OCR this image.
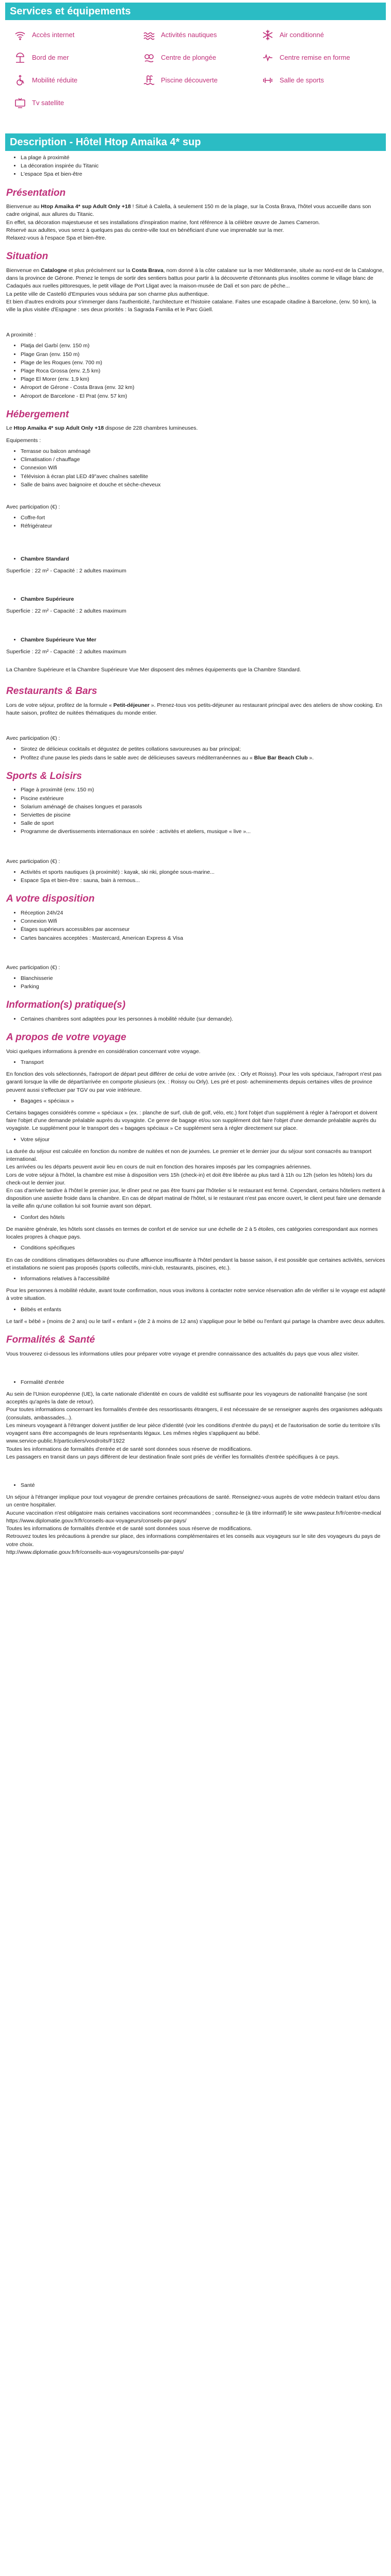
Services et équipements
Accès internet	Activités nautiques	Air conditionné
Bord de mer	Centre de plongée	Centre remise en forme
Mobilité réduite	Piscine découverte	Salle de sports
Tv satellite
Description - Hôtel Htop Amaika 4* sup
• La plage à proximité
• La décoration inspirée du Titanic
• L'espace Spa et bien-être
Présentation

Bienvenue au Htop Amaika 4* sup Adult Only +18 ! Situé à Calella, à seulement 150 m de la plage, sur la Costa Brava, l'hôtel vous accueille dans son cadre original, aux allures du Titanic.

En effet, sa décoration majestueuse et ses installations d'inspiration marine, font référence à la célèbre œuvre de James Cameron.

Réservé aux adultes, vous serez à quelques pas du centre-ville tout en bénéficiant d'une vue imprenable sur la mer.

Relaxez-vous à l'espace Spa et bien-être.

Situation

Bienvenue en Catalogne et plus précisément sur la Costa Brava, nom donné à la côte catalane sur la mer Méditerranée, située au nord-est de la Catalogne, dans la province de Gérone. Prenez le temps de sortir des sentiers battus pour partir à la découverte d'étonnants plus insolites comme le village blanc de Cadaqués aux ruelles pittoresques, le petit village de Port Lligat avec la maison-musée de Dalí et son parc de pêche...

La petite ville de Castelló d'Empuries vous séduira par son charme plus authentique.

Et bien d'autres endroits pour s'immerger dans l'authenticité, l'architecture et l'histoire catalane. Faites une escapade citadine à Barcelone, (env. 50 km), la ville la plus visitée d'Espagne : ses deux priorités : la Sagrada Familia et le Parc Güell.

A proximité :

• Platja del Garbí (env. 150 m)
• Plage Gran (env. 150 m)
• Plage de les Roques (env. 700 m)
• Plage Roca Grossa (env. 2,5 km)
• Plage El Morer (env. 1,9 km)
• Aéroport de Gérone - Costa Brava (env. 32 km)
• Aéroport de Barcelone - El Prat (env. 57 km)
Hébergement

Le Htop Amaika 4* sup Adult Only +18 dispose de 228 chambres lumineuses.

Equipements :

• Terrasse ou balcon aménagé
• Climatisation / chauffage
• Connexion Wifi
• Télévision à écran plat LED 49"avec chaînes satellite
• Salle de bains avec baignoire et douche et sèche-cheveux

Avec participation (€) :

• Coffre-fort
• Réfrigérateur
• Chambre Standard

Superficie : 22 m² - Capacité : 2 adultes maximum

• Chambre Supérieure

Superficie : 22 m² - Capacité : 2 adultes maximum

• Chambre Supérieure Vue Mer

Superficie : 22 m² - Capacité : 2 adultes maximum

La Chambre Supérieure et la Chambre Supérieure Vue Mer disposent des mêmes équipements que la Chambre Standard.

Restaurants & Bars

Lors de votre séjour, profitez de la formule « Petit-déjeuner ». Prenez-tous vos petits-déjeuner au restaurant principal avec des ateliers de show cooking. En haute saison, profitez de nuitées thématiques du monde entier.

Avec participation (€) :

• Sirotez de délicieux cocktails et dégustez de petites collations savoureuses au bar principal;
• Profitez d'une pause les pieds dans le sable avec de délicieuses saveurs méditerranéennes au « Blue Bar Beach Club ».
Sports & Loisirs
• Plage à proximité (env. 150 m)
• Piscine extérieure
• Solarium aménagé de chaises longues et parasols
• Serviettes de piscine
• Salle de sport
• Programme de divertissements internationaux en soirée : activités et ateliers, musique « live »...

Avec participation (€) :

• Activités et sports nautiques (à proximité) : kayak, ski nki, plongée sous-marine...
• Espace Spa et bien-être : sauna, bain à remous...
A votre disposition
• Réception 24h/24
• Connexion Wifi
• Étages supérieurs accessibles par ascenseur
• Cartes bancaires acceptées : Mastercard, American Express & Visa

Avec participation (€) :

• Blanchisserie
• Parking
Information(s) pratique(s)
• Certaines chambres sont adaptées pour les personnes à mobilité réduite (sur demande).
A propos de votre voyage

Voici quelques informations à prendre en considération concernant votre voyage.

• Transport

En fonction des vols sélectionnés, l'aéroport de départ peut différer de celui de votre arrivée (ex. : Orly et Roissy). Pour les vols spéciaux, l'aéroport n'est pas garanti lorsque la ville de départ/arrivée en comporte plusieurs (ex. : Roissy ou Orly). Les pré et post- acheminements depuis certaines villes de province peuvent aussi s'effectuer par TGV ou par voie intérieure.

• Bagages « spéciaux »

Certains bagages considérés comme « spéciaux » (ex. : planche de surf, club de golf, vélo, etc.) font l'objet d'un supplément à régler à l'aéroport et doivent faire l'objet d'une demande préalable auprès du voyagiste. Ce genre de bagage et/ou son supplément doit faire l'objet d'une demande préalable auprès du voyagiste. Le supplément pour le transport des « bagages spéciaux » Ce supplément sera à régler directement sur place.

• Votre séjour

La durée du séjour est calculée en fonction du nombre de nuitées et non de journées. Le premier et le dernier jour du séjour sont consacrés au transport international.
Les arrivées ou les départs peuvent avoir lieu en cours de nuit en fonction des horaires imposés par les compagnies aériennes.
Lors de votre séjour à l'hôtel, la chambre est mise à disposition vers 15h (check-in) et doit être libérée au plus tard à 11h ou 12h (selon les hôtels) lors du check-out le dernier jour.
En cas d'arrivée tardive à l'hôtel le premier jour, le dîner peut ne pas être fourni par l'hôtelier si le restaurant est fermé. Cependant, certains hôteliers mettent à disposition une assiette froide dans la chambre. En cas de départ matinal de l'hôtel, si le restaurant n'est pas encore ouvert, le client peut faire une demande la veille afin qu'une collation lui soit fournie avant son départ.

• Confort des hôtels

De manière générale, les hôtels sont classés en termes de confort et de service sur une échelle de 2 à 5 étoiles, ces catégories correspondant aux normes locales propres à chaque pays.

• Conditions spécifiques

En cas de conditions climatiques défavorables ou d'une affluence insuffisante à l'hôtel pendant la basse saison, il est possible que certaines activités, services et installations ne soient pas proposés (sports collectifs, mini-club, restaurants, piscines, etc.).

• Informations relatives à l'accessibilité

Pour les personnes à mobilité réduite, avant toute confirmation, nous vous invitons à contacter notre service réservation afin de vérifier si le voyage est adapté à votre situation.

• Bébés et enfants

Le tarif « bébé » (moins de 2 ans) ou le tarif « enfant » (de 2 à moins de 12 ans) s'applique pour le bébé ou l'enfant qui partage la chambre avec deux adultes.

Formalités & Santé

Vous trouverez ci-dessous les informations utiles pour préparer votre voyage et prendre connaissance des actualités du pays que vous allez visiter.

• Formalité d'entrée

Au sein de l'Union européenne (UE), la carte nationale d'identité en cours de validité est suffisante pour les voyageurs de nationalité française (ne sont acceptés qu'après la date de retour).
Pour toutes informations concernant les formalités d'entrée des ressortissants étrangers, il est nécessaire de se renseigner auprès des organismes adéquats (consulats, ambassades...).
Les mineurs voyageant à l'étranger doivent justifier de leur pièce d'identité (voir les conditions d'entrée du pays) et de l'autorisation de sortie du territoire s'ils voyagent sans être accompagnés de leurs représentants légaux. Les mêmes règles s'appliquent au bébé.
www.service-public.fr/particuliers/vosdroits/F1922
Toutes les informations de formalités d'entrée et de santé sont données sous réserve de modifications.
Les passagers en transit dans un pays différent de leur destination finale sont priés de vérifier les formalités d'entrée spécifiques à ce pays.

• Santé

Un séjour à l'étranger implique pour tout voyageur de prendre certaines précautions de santé. Renseignez-vous auprès de votre médecin traitant et/ou dans un centre hospitalier.
Aucune vaccination n'est obligatoire mais certaines vaccinations sont recommandées ; consultez-le (à titre informatif) le site www.pasteur.fr/fr/centre-medical
https://www.diplomatie.gouv.fr/fr/conseils-aux-voyageurs/conseils-par-pays/
Toutes les informations de formalités d'entrée et de santé sont données sous réserve de modifications.
Retrouvez toutes les précautions à prendre sur place, des informations complémentaires et les conseils aux voyageurs sur le site des voyageurs du pays de votre choix.
http://www.diplomatie.gouv.fr/fr/conseils-aux-voyageurs/conseils-par-pays/
